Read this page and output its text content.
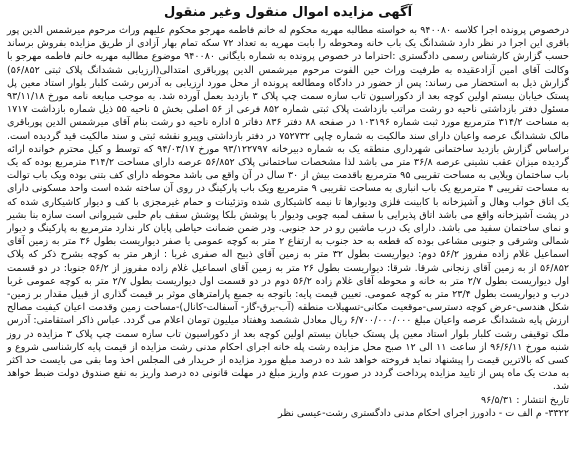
آگهی مزایده اموال منقول وغیر منقول

درخصوص پرونده اجرا کلاسه ۹۴۰۰۸۰ به خواسته مطالبه مهریه محکوم له خانم فاطمه مهرجو محکوم علیهم وراث مرحوم میرشمس الدین پور باقری این اجرا در نظر دارد ششدانگ یک باب خانه ومحوطه را بابت مهریه به تعداد ۷۲ سکه تمام بهار آزادی از طریق مزایده بفروش برساند حسب گزارش کارشناس رسمی دادگستری :احتراما در خصوص پرونده به شماره بایگانی ۹۴۰۰۸۰ موضوع مطالبه مهریه خانم فاطمه مهرجو با وکالت آقای امین آزادعقیده به طرفیت وراث حین الفوت مرحوم میرشمس الدین پورباقری امتدالی(ارزیابی ششدانگ پلاک ثبتی ۵۶/۸۵۲) گزارش ذیل به استحضار می رساند: پس از حضور در دادگاه ومطالعه پرونده از محل مورد ارزیابی به آدرس رشت کلبار بلوار استاد معین پل پستک خیابان بیستم اولین کوچه بعد از دکوراسیون تاب سازه سمت چپ پلاک ۳ بازدید بعمل آورده شد. به موجب مبایعه نامه مورخ ۹۳/۱۱/۱۸ مسئول دفتر بازداشتی ناحیه دو رشت مراتب بازداشت پلاک ثبتی شماره ۸۵۲ فرعی از ۵۶ اصلی بخش ۵ ناحیه ۵۵ ذیل شماره بازداشت ۱۷۱۷ به مساحت ۳۱۴/۲ مترمربع مورد ثبت شماره ۱۰۳۱۹۶ در صفحه ۸۸ دفتر ۸۳۶ دفاتر ۵ اداره ناحیه دو رشت بنام آقای میرشمس الدین پورباقری مالک ششدانگ عرصه واعیان دارای سند مالکیت به شماره چاپی ۷۵۲۷۳۲ در دفتر بازداشتی وپیرو نقشه ثبتی و سند مالکیت قید گردیده است. براساس گزارش بازدید ساختمانی شهرداری منطقه یک به شماره دبیرخانه ۹۳/۱۲۲۷۹۷ مورخ ۹۴/۰۳/۱۷ که توسط و کیل محترم خوانده ارائه گردیده میزان عقب نشینی عرصه ۳۶/۸ متر می باشد لذا مشخصات ساختمانی پلاک ۵۶/۸۵۲ عرصه دارای مساحت ۳۱۴/۲ مترمربع بوده که یک باب ساختمان ویلایی به مساحت تقریبی ۹۵ مترمربع باقدمت بیش از ۳۰ سال در آن واقع می باشد محوطه دارای کف بتنی بوده ویک باب توالت به مساحت تقریبی ۴ مترمربع یک باب انباری به مساحت تقریبی ۹ مترمربع ویک باب پارکینگ در روی آن ساخته شده است واحد مسکونی دارای یک اتاق خواب وهال و آشپزخانه با کابینت فلزی ودیوارها تا نیمه کاشیکاری شده وتزئینات و حمام غیرمجزی با کف و دیوار کاشیکاری شده که در پشت آشپزخانه واقع می باشد اتاق پذیرایی با سقف لمبه چوبی ودیوار با پوشش بلکا پوشش سقف بام حلبی شیروانی است سازه بنا بشیر و نمای ساختمان سفید می باشد. دارای یک درب ماشین رو در حد جنوبی. ودر ضمن ضمانت حیاطی پایان کار ندارد مترمربع به پارکینگ و دیوار شمالی وشرقی و جنوبی مشاعی بوده که قطعه به حد جنوب به ارتفاع ۲ متر به کوچه عمومی یا صفر دیواریست بطول ۳۶ متر به زمین آقای اسماعیل غلام زاده مفروز ۵۶/۲ دوم: دیواریست بطول ۳۲ متر به زمین آقای ذبیح اله صفری غربا : ازهر متر به کوچه بشرح ذکر که پلاک ۵۶/۸۵۲ از به زمین آقای زنجانی شرقا. شرقا: دیواریست بطول ۲۶ متر به زمین آقای اسماعیل غلام زاده مفروز از ۵۶/۲ جنوبا: در دو قسمت اول دیواریست بطول ۲/۷ متر به خانه و محوطه آقای غلام زاده ۵۶/۲ دوم در دو قسمت اول دیواریست بطول ۲/۷ متر به کوچه عمومی غربا درب و دیواریست بطول ۲۳/۴ متر به کوچه عمومی. تعیین قیمت پایه: باتوجه به جمیع پارامترهای موثر بر قیمت گذاری از قبیل مقدار بر زمین-شکل هندسی-عرض کوچه دسترسی-موقعیت مکانی-تسهیلات منطقه (آب-برق-گاز- آسفالت-کانال)-مساحت زمین وقدمت اعیان کیفیت مصالح ارزش پایه ششدانگ عرصه واعیان مبلغ ۶/۷۰۰/۰۰۰/۰۰۰ ریال معادل ششصد وهفتاد میلیون تومان اعلام می گردد. عباس ذاکر استقامتی: آدرس ملک توقیفی رشت کلبار بلوار استاد معین پل پستک خیابان بیستم اولین کوچه بعد از دکوراسیون تاب سازه سمت چپ پلاک ۳ مزایده در روز شنبه مورخ ۹۶/۶/۱۱ از ساعت ۱۱ الی ۱۲ صبح محل مزایده رشت پله خانه اجرای احکام مدنی رشت مزایده از قیمت پایه کارشناسی شروع و کسی که بالاترین قیمت را پیشنهاد نماید فروخته خواهد شد ده درصد مبلغ مورد مزایده از خریدار فی المجلس اخذ وما بقی می بایست حد اکثر به مدت یک ماه پس از تایید مزایده پرداخت گردد در صورت عدم واریز مبلغ در مهلت قانونی ده درصد واریز به نفع صندوق دولت ضبط خواهد شد.

تاریخ انتشار : ۹۶/۵/۳۱

۳۳۲۲- م الف ت - دادورز اجرای احکام مدنی دادگستری رشت-عیسی نظر
